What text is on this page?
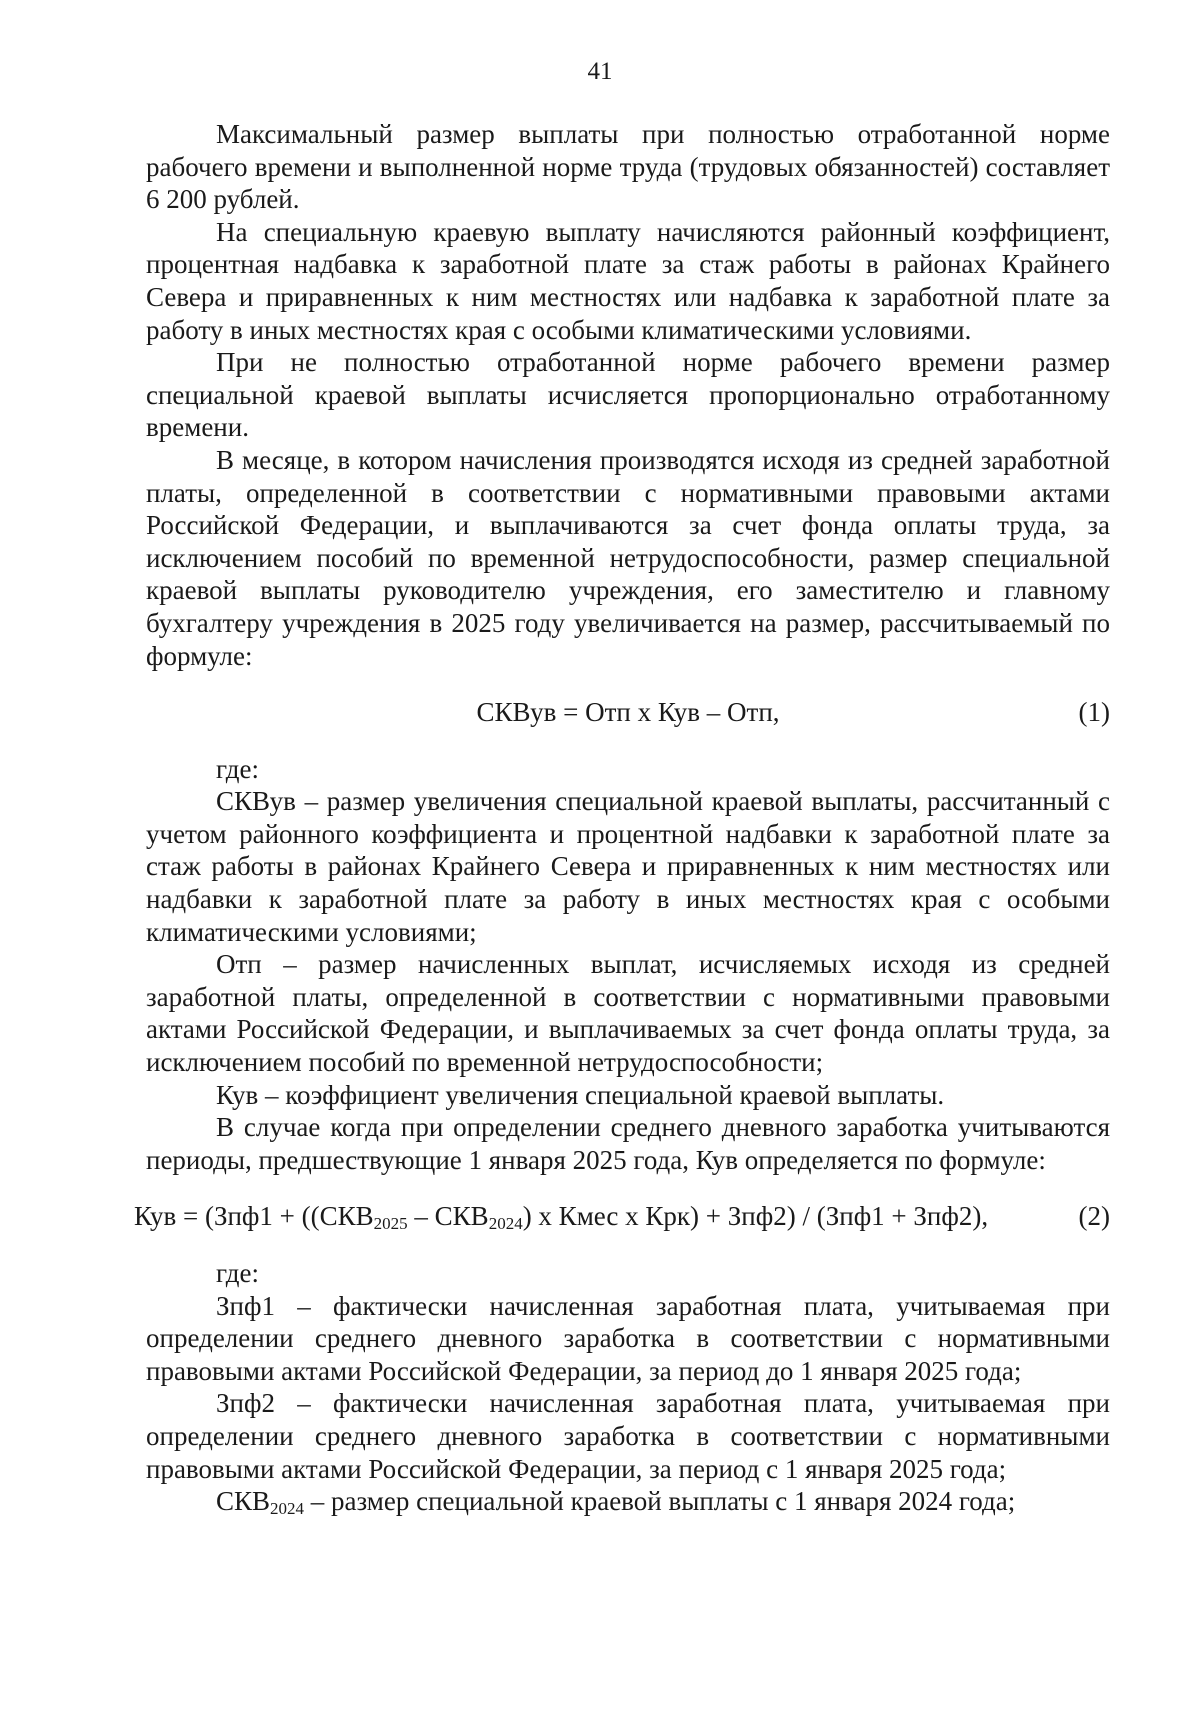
41

Максимальный размер выплаты при полностью отработанной норме рабочего времени и выполненной норме труда (трудовых обязанностей) составляет 6 200 рублей.

На специальную краевую выплату начисляются районный коэффициент, процентная надбавка к заработной плате за стаж работы в районах Крайнего Севера и приравненных к ним местностях или надбавка к заработной плате за работу в иных местностях края с особыми климатическими условиями.

При не полностью отработанной норме рабочего времени размер специальной краевой выплаты исчисляется пропорционально отработанному времени.

В месяце, в котором начисления производятся исходя из средней заработной платы, определенной в соответствии с нормативными правовыми актами Российской Федерации, и выплачиваются за счет фонда оплаты труда, за исключением пособий по временной нетрудоспособности, размер специальной краевой выплаты руководителю учреждения, его заместителю и главному бухгалтеру учреждения в 2025 году увеличивается на размер, рассчитываемый по формуле:

СКВув = Отп х Кув – Отп,	(1)

где:

СКВув – размер увеличения специальной краевой выплаты, рассчитанный с учетом районного коэффициента и процентной надбавки к заработной плате за стаж работы в районах Крайнего Севера и приравненных к ним местностях или надбавки к заработной плате за работу в иных местностях края с особыми климатическими условиями;

Отп – размер начисленных выплат, исчисляемых исходя из средней заработной платы, определенной в соответствии с нормативными правовыми актами Российской Федерации, и выплачиваемых за счет фонда оплаты труда, за исключением пособий по временной нетрудоспособности;

Кув – коэффициент увеличения специальной краевой выплаты.

В случае когда при определении среднего дневного заработка учитываются периоды, предшествующие 1 января 2025 года, Кув определяется по формуле:

Кув = ($Зпф1 + ((СКВ_{2025} - СКВ_{2024})$ х Кмес х Крк) + Зпф2) / (Зпф1 + Зпф2),	(2)

где:

Зпф1 – фактически начисленная заработная плата, учитываемая при определении среднего дневного заработка в соответствии с нормативными правовыми актами Российской Федерации, за период до 1 января 2025 года;

Зпф2 – фактически начисленная заработная плата, учитываемая при определении среднего дневного заработка в соответствии с нормативными правовыми актами Российской Федерации, за период с 1 января 2025 года;

$СКВ_{2024}$ – размер специальной краевой выплаты с 1 января 2024 года;
